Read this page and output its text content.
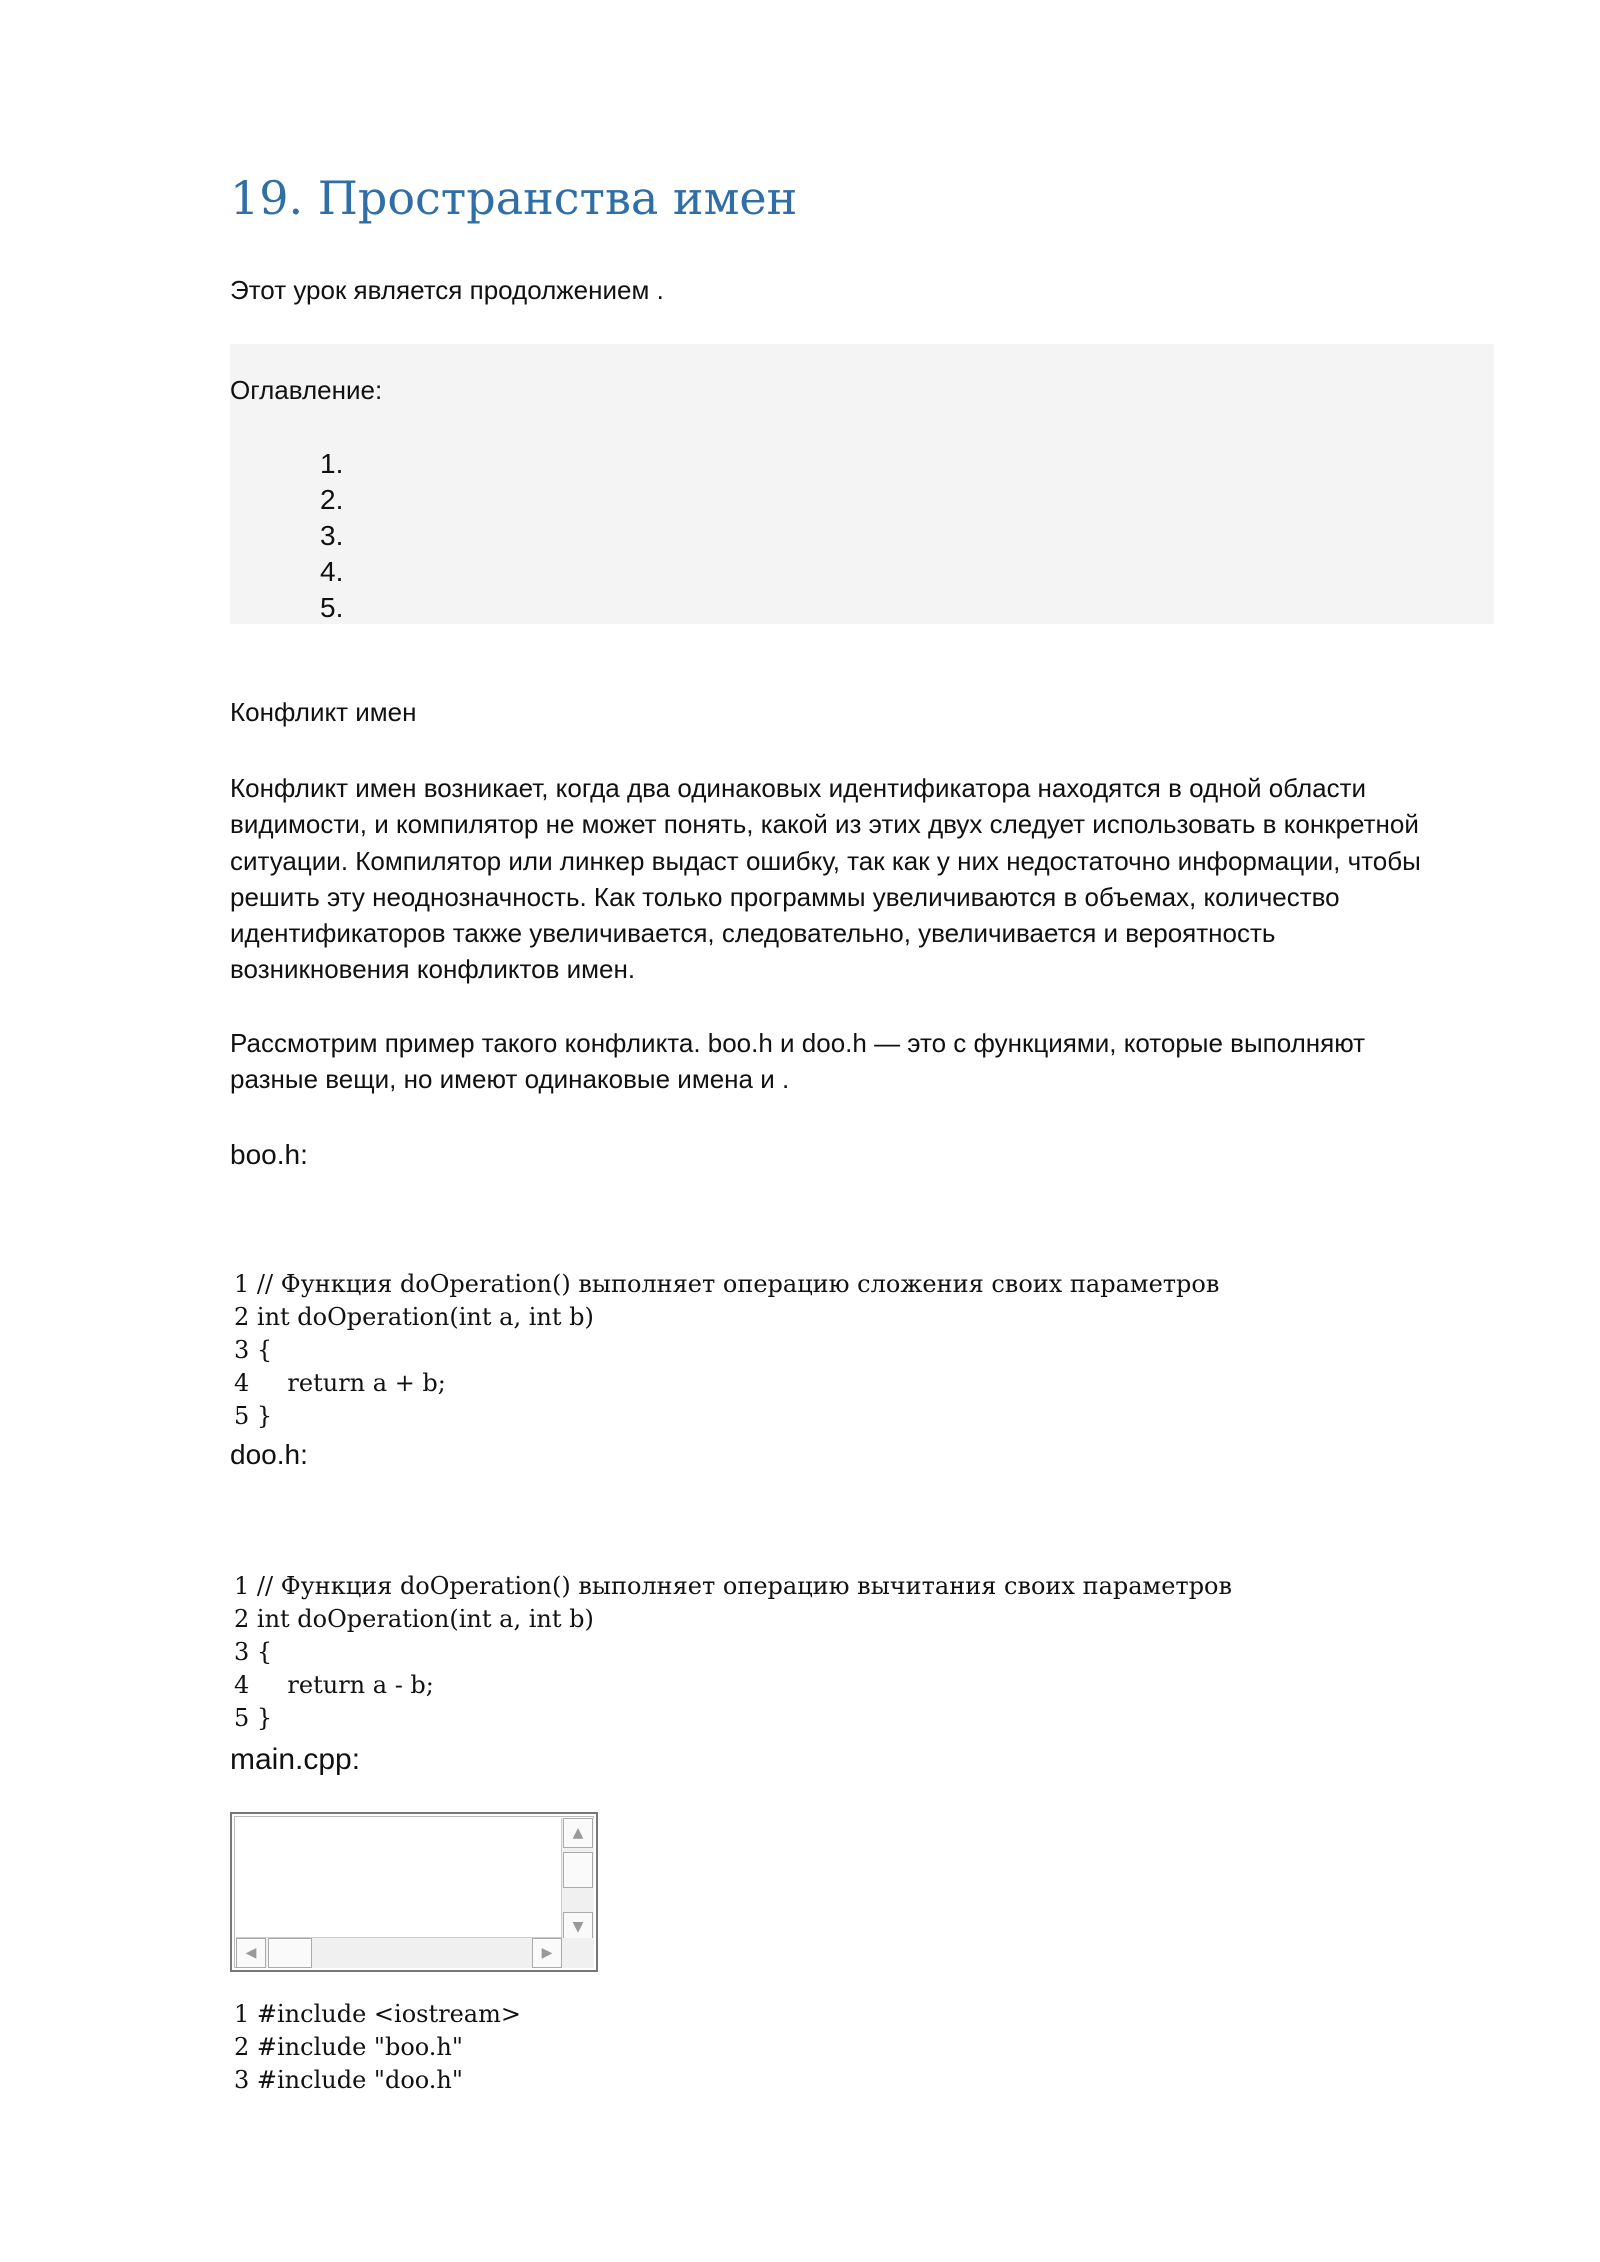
19. Пространства имен

Этот урок является продолжением .

Оглавление:

1.
2.
3.
4.
5.
Конфликт имен
Конфликт имен возникает, когда два одинаковых идентификатора находятся в одной области
видимости, и компилятор не может понять, какой из этих двух следует использовать в конкретной
ситуации. Компилятор или линкер выдаст ошибку, так как у них недостаточно информации, чтобы
решить эту неоднозначность. Как только программы увеличиваются в объемах, количество
идентификаторов также увеличивается, следовательно, увеличивается и вероятность
возникновения конфликтов имен.
Рассмотрим пример такого конфликта. boo.h и doo.h — это с функциями, которые выполняют
разные вещи, но имеют одинаковые имена и .
boo.h:
1 // Функция doOperation() выполняет операцию сложения своих параметров
2 int doOperation(int a, int b)
3 {
4     return a + b;
5 }
doo.h:
1 // Функция doOperation() выполняет операцию вычитания своих параметров
2 int doOperation(int a, int b)
3 {
4     return a - b;
5 }
main.cpp:
▲
▼
◀	▶
1 #include <iostream>
2 #include "boo.h"
3 #include "doo.h"
